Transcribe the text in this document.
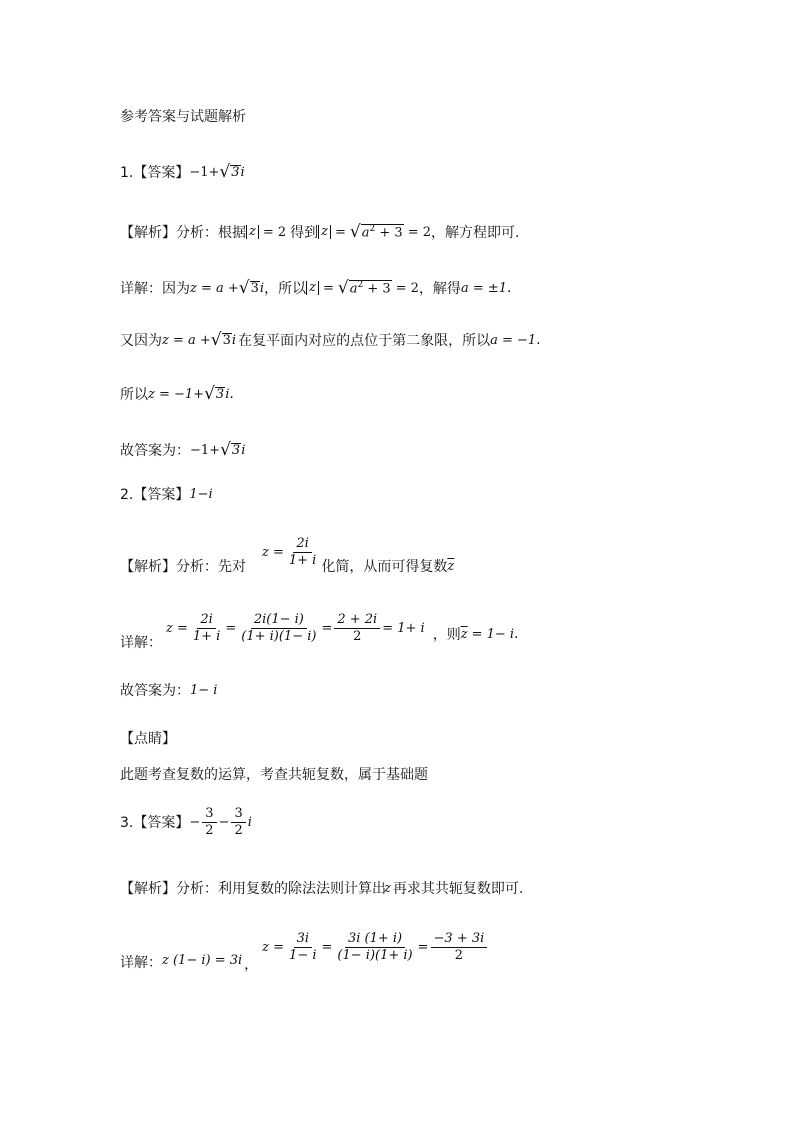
参考答案与试题解析
1.【答案】 −1+ √ 3 i
【解析】分析：根据 z = 2 得到 z = √ $a^2 + 3 = 2$ ，解方程即可.
详解：因为 z = a + √ 3 i ，所以 z = √ $a^2 + 3 = 2$ ，解得 a = ±1 .
又因为 z = a + √ 3 i 在复平面内对应的点位于第二象限，所以 a = −1 .
所以 z = −1+ √ 3 i .
故答案为： −1+ √ 3 i
2.【答案】 1−i
【解析】分析：先对
$z = \frac{2i}{1+ i}$ 化简，从而可得复数 $\overline{z}$
详解：
$z = \frac{2i}{1+ i} = \frac{2i(1- i)}{(1+ i)(1- i)} = \frac{2 + 2i}{2} = 1+ i$ ，则 $\overline{z} = 1- i$ .
故答案为： 1− i
【点睛】
此题考查复数的运算，考查共轭复数，属于基础题
3.【答案】 − $\frac{3}{2} - \frac{3}{2}$ i
【解析】分析：利用复数的除法法则计算出
z 再求其共轭复数即可.
详解： z (1− i) = 3i ，
$z = \frac{3i}{1- i} = \frac{3i (1+ i)}{(1- i)(1+ i)} = \frac{-3 + 3i}{2}$
